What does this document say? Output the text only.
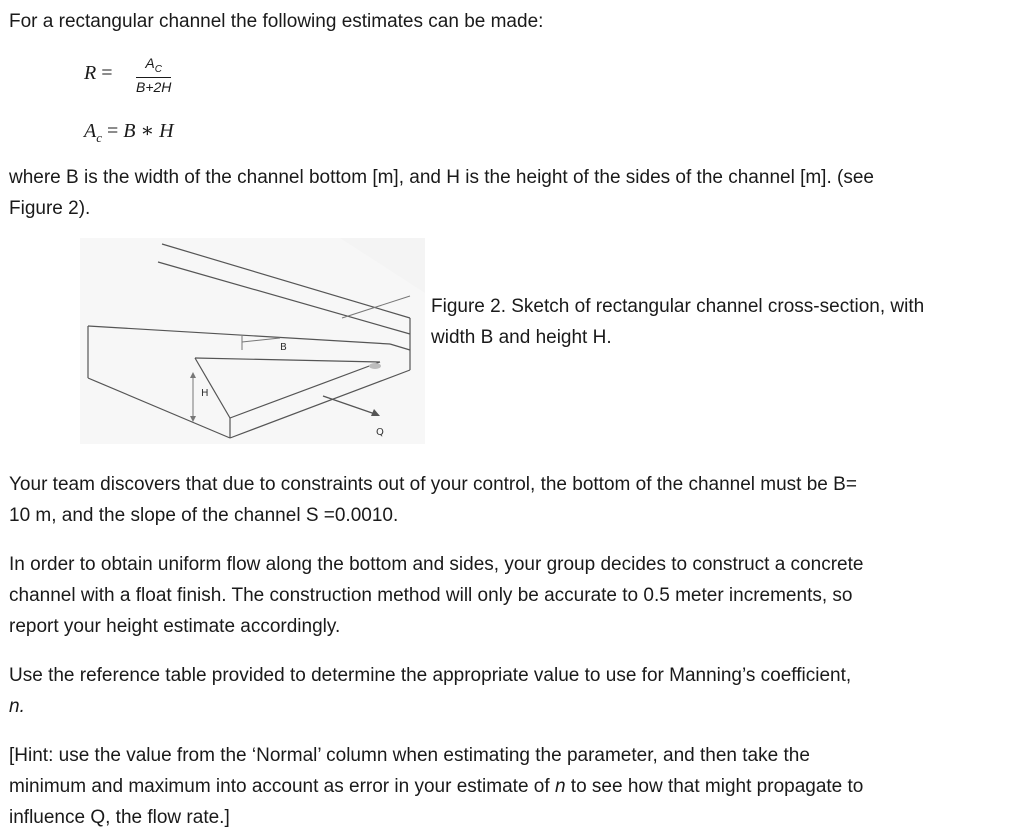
For a rectangular channel the following estimates can be made:

$R = \frac{A_C}{B+2H}$
$A_c = B$ ∗ H

where B is the width of the channel bottom [m], and H is the height of the sides of the channel [m]. (see
Figure 2).

B
H
Q
Figure 2. Sketch of rectangular channel cross-section, with
width B and height H.

Your team discovers that due to constraints out of your control, the bottom of the channel must be B=
10 m, and the slope of the channel S =0.0010.

In order to obtain uniform flow along the bottom and sides, your group decides to construct a concrete
channel with a float finish. The construction method will only be accurate to 0.5 meter increments, so
report your height estimate accordingly.

Use the reference table provided to determine the appropriate value to use for Manning’s coefficient,
n.

[Hint: use the value from the ‘Normal’ column when estimating the parameter, and then take the
minimum and maximum into account as error in your estimate of n to see how that might propagate to
influence Q, the flow rate.]
